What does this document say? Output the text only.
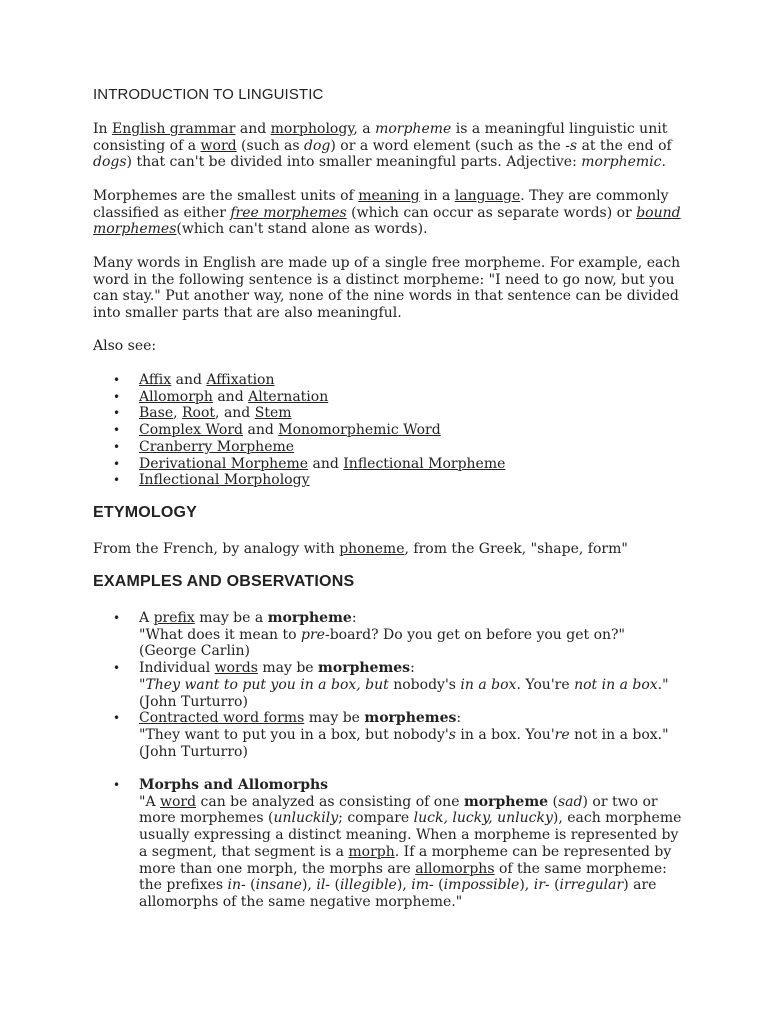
INTRODUCTION TO LINGUISTIC

In English grammar and morphology, a morpheme is a meaningful linguistic unit consisting of a word (such as dog) or a word element (such as the -s at the end of dogs) that can't be divided into smaller meaningful parts. Adjective: morphemic.

Morphemes are the smallest units of meaning in a language. They are commonly classified as either free morphemes (which can occur as separate words) or bound morphemes(which can't stand alone as words).

Many words in English are made up of a single free morpheme. For example, each word in the following sentence is a distinct morpheme: "I need to go now, but you can stay." Put another way, none of the nine words in that sentence can be divided into smaller parts that are also meaningful.

Also see:

• Affix and Affixation
• Allomorph and Alternation
• Base, Root, and Stem
• Complex Word and Monomorphemic Word
• Cranberry Morpheme
• Derivational Morpheme and Inflectional Morpheme
• Inflectional Morphology
ETYMOLOGY

From the French, by analogy with phoneme, from the Greek, "shape, form"

EXAMPLES AND OBSERVATIONS
• A prefix may be a morpheme:
"What does it mean to pre-board? Do you get on before you get on?"
(George Carlin)
• Individual words may be morphemes:
"They want to put you in a box, but nobody's in a box. You're not in a box."
(John Turturro)
• Contracted word forms may be morphemes:
"They want to put you in a box, but nobody's in a box. You're not in a box."
(John Turturro)
• Morphs and Allomorphs
"A word can be analyzed as consisting of one morpheme (sad) or two or more morphemes (unluckily; compare luck, lucky, unlucky), each morpheme usually expressing a distinct meaning. When a morpheme is represented by a segment, that segment is a morph. If a morpheme can be represented by more than one morph, the morphs are allomorphs of the same morpheme: the prefixes in- (insane), il- (illegible), im- (impossible), ir- (irregular) are allomorphs of the same negative morpheme."
